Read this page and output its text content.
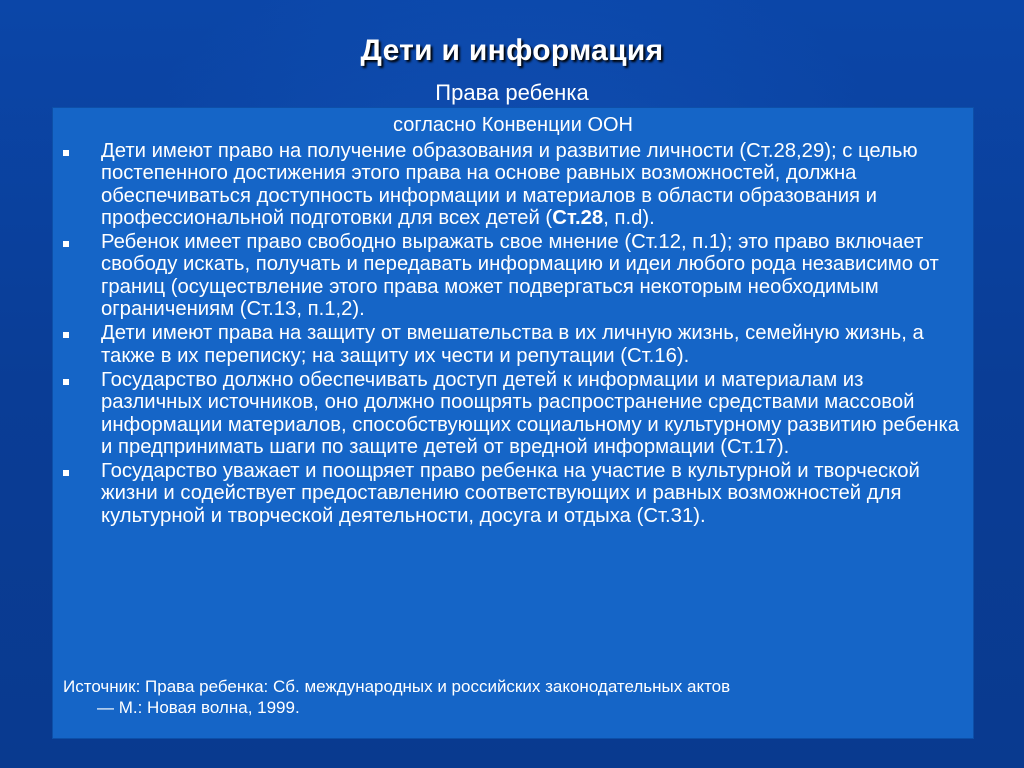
Дети и информация
Права ребенка
согласно Конвенции ООН
Дети имеют право на получение образования и развитие личности (Ст.28,29); с целью постепенного достижения этого права на основе равных возможностей, должна обеспечиваться доступность информации и материалов в области образования и профессиональной подготовки для всех детей (Ст.28, п.d).
Ребенок имеет право свободно выражать свое мнение (Ст.12, п.1); это право включает свободу искать, получать и передавать информацию и идеи любого рода независимо от границ (осуществление этого права может подвергаться некоторым необходимым ограничениям (Ст.13, п.1,2).
Дети имеют права на защиту от вмешательства в их личную жизнь, семейную жизнь, а также в их переписку; на защиту их чести и репутации (Ст.16).
Государство должно обеспечивать доступ детей к информации и материалам из различных источников, оно должно поощрять распространение средствами массовой информации материалов, способствующих социальному и культурному развитию ребенка и предпринимать шаги по защите детей от вредной информации (Ст.17).
Государство уважает и поощряет право ребенка на участие в культурной и творческой жизни и содействует предоставлению соответствующих и равных возможностей для культурной и творческой деятельности, досуга и отдыха (Ст.31).
Источник: Права ребенка: Сб. международных и российских законодательных актов
— М.: Новая волна, 1999.
